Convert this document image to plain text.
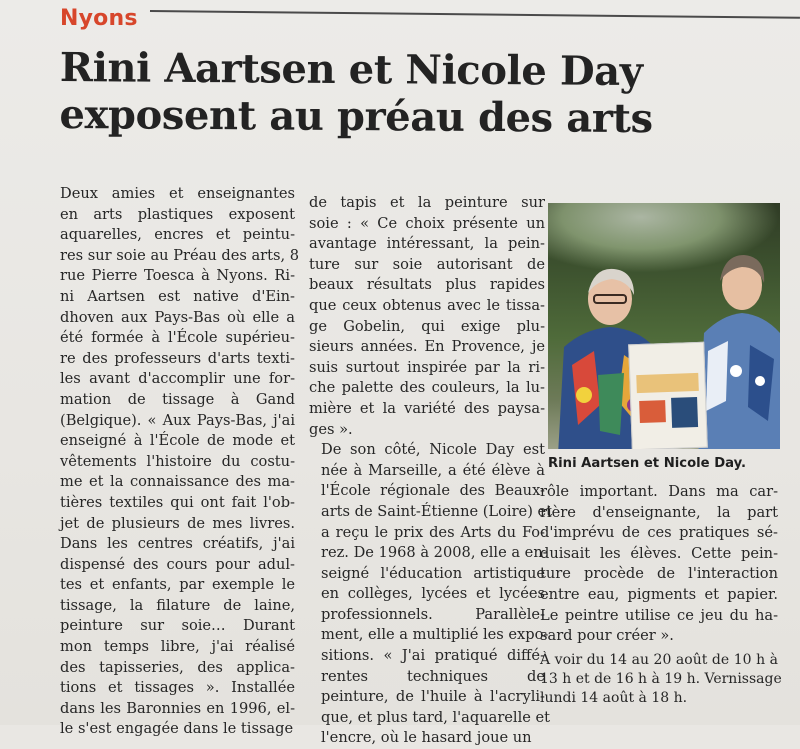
Nyons
Rini Aartsen et Nicole Day
exposent au préau des arts

Deux amies et enseignantes
en arts plastiques exposent
aquarelles, encres et peintu-
res sur soie au Préau des arts, 8
rue Pierre Toesca à Nyons. Ri-
ni Aartsen est native d'Ein-
dhoven aux Pays-Bas où elle a
été formée à l'École supérieu-
re des professeurs d'arts texti-
les avant d'accomplir une for-
mation de tissage à Gand
(Belgique). « Aux Pays-Bas, j'ai
enseigné à l'École de mode et
vêtements l'histoire du costu-
me et la connaissance des ma-
tières textiles qui ont fait l'ob-
jet de plusieurs de mes livres.
Dans les centres créatifs, j'ai
dispensé des cours pour adul-
tes et enfants, par exemple le
tissage, la filature de laine,
peinture sur soie… Durant
mon temps libre, j'ai réalisé
des tapisseries, des applica-
tions et tissages ». Installée
dans les Baronnies en 1996, el-
le s'est engagée dans le tissage

de tapis et la peinture sur
soie : « Ce choix présente un
avantage intéressant, la pein-
ture sur soie autorisant de
beaux résultats plus rapides
que ceux obtenus avec le tissa-
ge Gobelin, qui exige plu-
sieurs années. En Provence, je
suis surtout inspirée par la ri-
che palette des couleurs, la lu-
mière et la variété des paysa-
ges ».

De son côté, Nicole Day est
née à Marseille, a été élève à
l'École régionale des Beaux-
arts de Saint-Étienne (Loire) et
a reçu le prix des Arts du Fo-
rez. De 1968 à 2008, elle a en-
seigné l'éducation artistique
en collèges, lycées et lycées
professionnels. Parallèle-
ment, elle a multiplié les expo-
sitions. « J'ai pratiqué diffé-
rentes techniques de
peinture, de l'huile à l'acryli-
que, et plus tard, l'aquarelle et
l'encre, où le hasard joue un

Rini Aartsen et Nicole Day.

rôle important. Dans ma car-
rière d'enseignante, la part
d'imprévu de ces pratiques sé-
duisait les élèves. Cette pein-
ture procède de l'interaction
entre eau, pigments et papier.
Le peintre utilise ce jeu du ha-
sard pour créer ».

À voir du 14 au 20 août de 10 h à
13 h et de 16 h à 19 h. Vernissage
lundi 14 août à 18 h.
